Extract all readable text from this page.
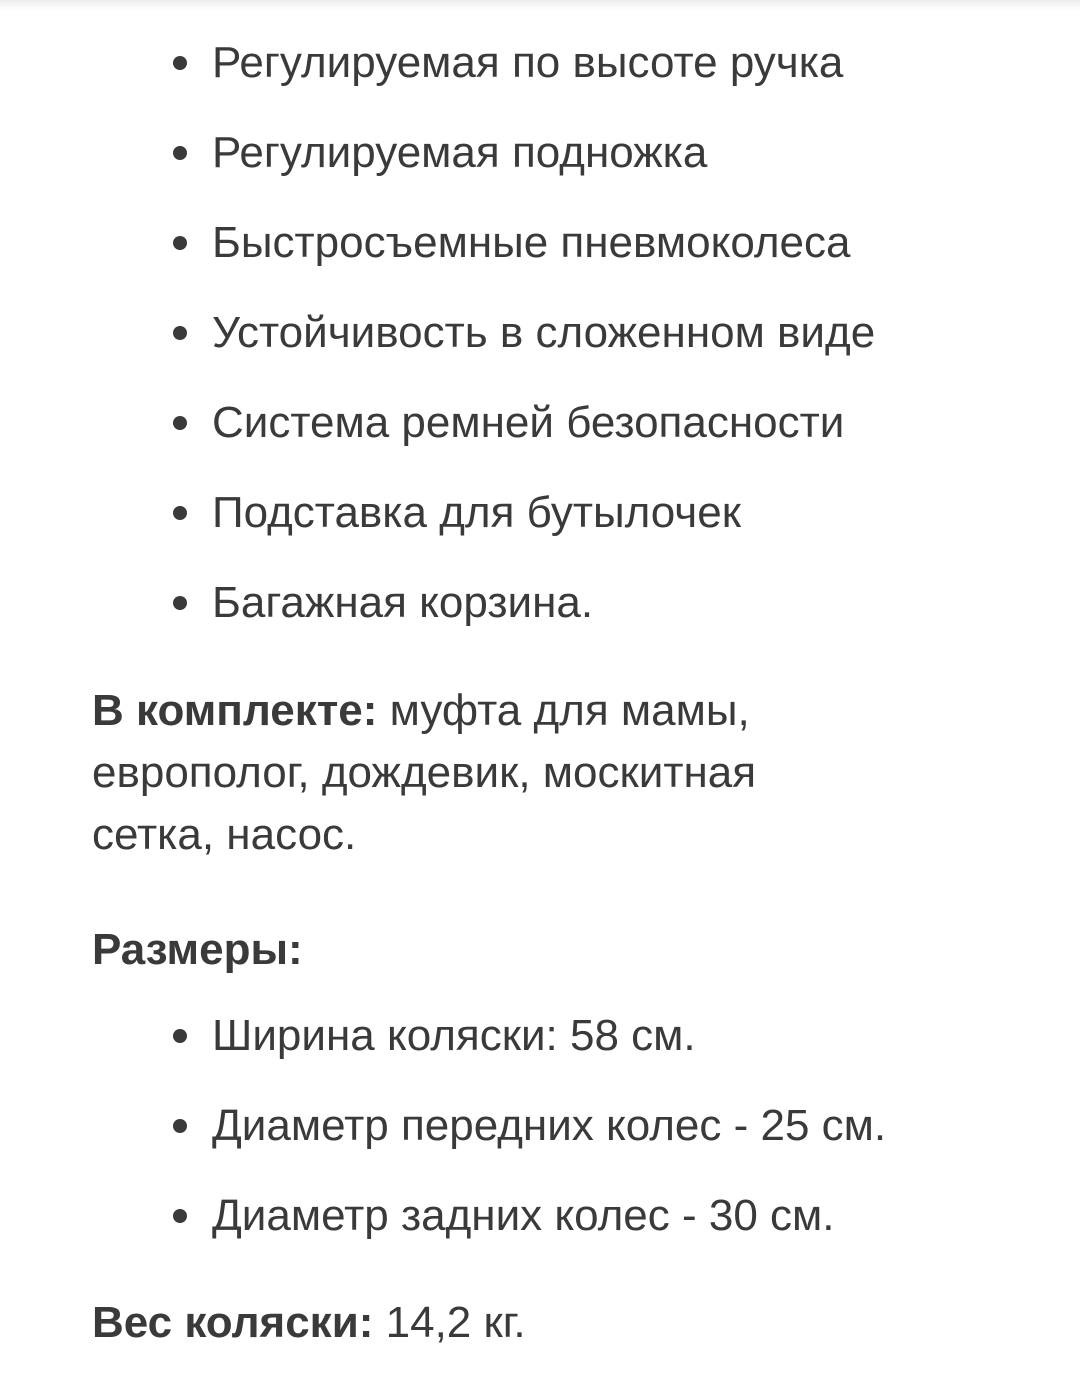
Регулируемая по высоте ручка
Регулируемая подножка
Быстросъемные пневмоколеса
Устойчивость в сложенном виде
Система ремней безопасности
Подставка для бутылочек
Багажная корзина.
В комплекте: муфта для мамы,
европолог, дождевик, москитная
сетка, насос.
Размеры:
Ширина коляски: 58 см.
Диаметр передних колес - 25 см.
Диаметр задних колес - 30 см.
Вес коляски: 14,2 кг.
